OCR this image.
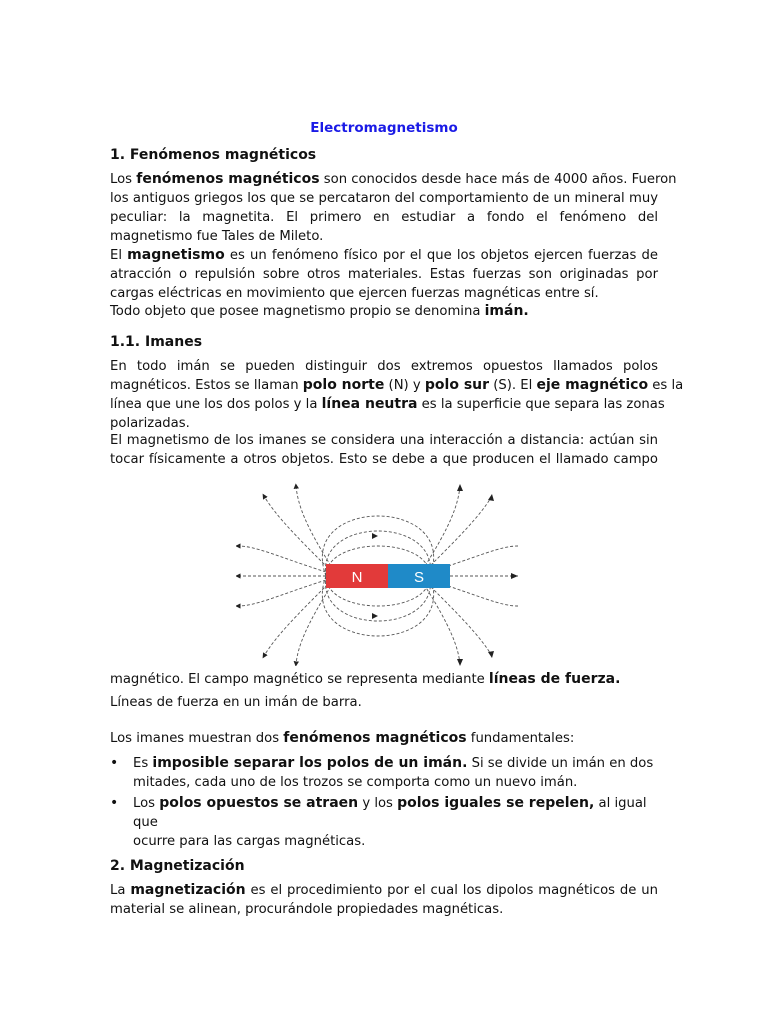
Electromagnetismo
1. Fenómenos magnéticos
Los fenómenos magnéticos son conocidos desde hace más de 4000 años. Fueron
los antiguos griegos los que se percataron del comportamiento de un mineral muy
peculiar: la magnetita. El primero en estudiar a fondo el fenómeno del
magnetismo fue Tales de Mileto.
El magnetismo es un fenómeno físico por el que los objetos ejercen fuerzas de
atracción o repulsión sobre otros materiales. Estas fuerzas son originadas por
cargas eléctricas en movimiento que ejercen fuerzas magnéticas entre sí.
Todo objeto que posee magnetismo propio se denomina imán.
1.1. Imanes
En todo imán se pueden distinguir dos extremos opuestos llamados polos
magnéticos. Estos se llaman polo norte (N) y polo sur (S). El eje magnético es la
línea que une los dos polos y la línea neutra es la superficie que separa las zonas
polarizadas.
El magnetismo de los imanes se considera una interacción a distancia: actúan sin
tocar físicamente a otros objetos. Esto se debe a que producen el llamado campo
N	S
magnético. El campo magnético se representa mediante líneas de fuerza.
Líneas de fuerza en un imán de barra.
Los imanes muestran dos fenómenos magnéticos fundamentales:
• Es imposible separar los polos de un imán. Si se divide un imán en dos
mitades, cada uno de los trozos se comporta como un nuevo imán.
• Los polos opuestos se atraen y los polos iguales se repelen, al igual que
ocurre para las cargas magnéticas.
2. Magnetización
La magnetización es el procedimiento por el cual los dipolos magnéticos de un
material se alinean, procurándole propiedades magnéticas.
